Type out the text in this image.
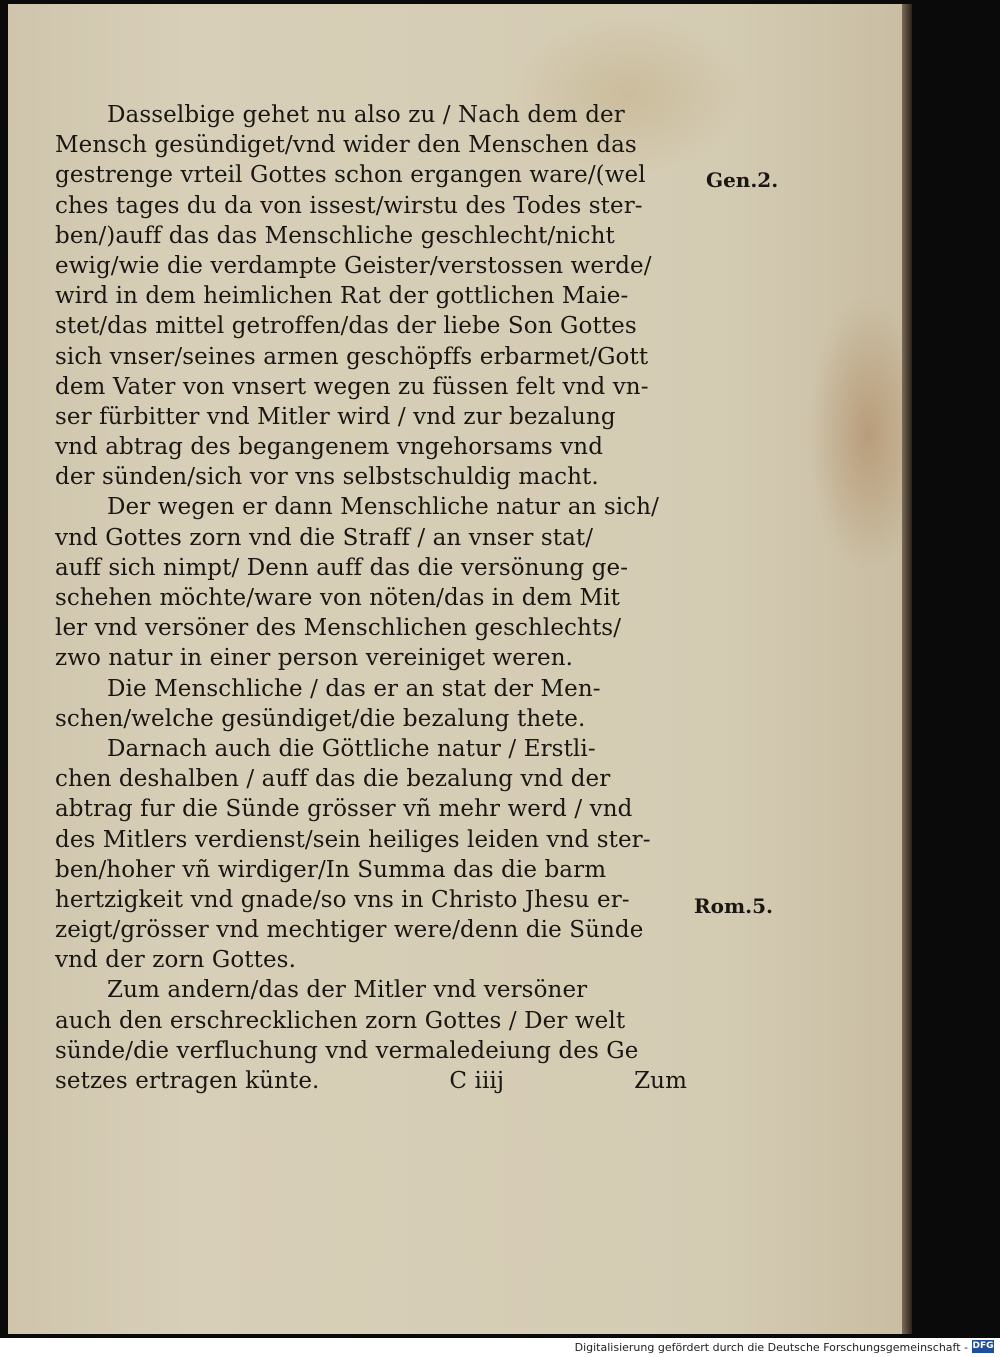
Dasselbige gehet nu also zu / Nach dem der
Mensch gesündiget/vnd wider den Menschen das
gestrenge vrteil Gottes schon ergangen ware/(wel
ches tages du da von issest/wirstu des Todes ster-
ben/)auff das das Menschliche geschlecht/nicht
ewig/wie die verdampte Geister/verstossen werde/
wird in dem heimlichen Rat der gottlichen Maie-
stet/das mittel getroffen/das der liebe Son Gottes
sich vnser/seines armen geschöpffs erbarmet/Gott
dem Vater von vnsert wegen zu füssen felt vnd vn-
ser fürbitter vnd Mitler wird / vnd zur bezalung
vnd abtrag des begangenem vngehorsams vnd
der sünden/sich vor vns selbstschuldig macht.
Der wegen er dann Menschliche natur an sich/
vnd Gottes zorn vnd die Straff / an vnser stat/
auff sich nimpt/ Denn auff das die versönung ge-
schehen möchte/ware von nöten/das in dem Mit
ler vnd versöner des Menschlichen geschlechts/
zwo natur in einer person vereiniget weren.
Die Menschliche / das er an stat der Men-
schen/welche gesündiget/die bezalung thete.
Darnach auch die Göttliche natur / Erstli-
chen deshalben / auff das die bezalung vnd der
abtrag fur die Sünde grösser vñ mehr werd / vnd
des Mitlers verdienst/sein heiliges leiden vnd ster-
ben/hoher vñ wirdiger/In Summa das die barm
hertzigkeit vnd gnade/so vns in Christo Jhesu er-
zeigt/grösser vnd mechtiger were/denn die Sünde
vnd der zorn Gottes.
Zum andern/das der Mitler vnd versöner
auch den erschrecklichen zorn Gottes / Der welt
sünde/die verfluchung vnd vermaledeiung des Ge
setzes ertragen künte.	C iiij	Zum
Gen.2.
Rom.5.
Digitalisierung gefördert durch die Deutsche Forschungsgemeinschaft - DFG
